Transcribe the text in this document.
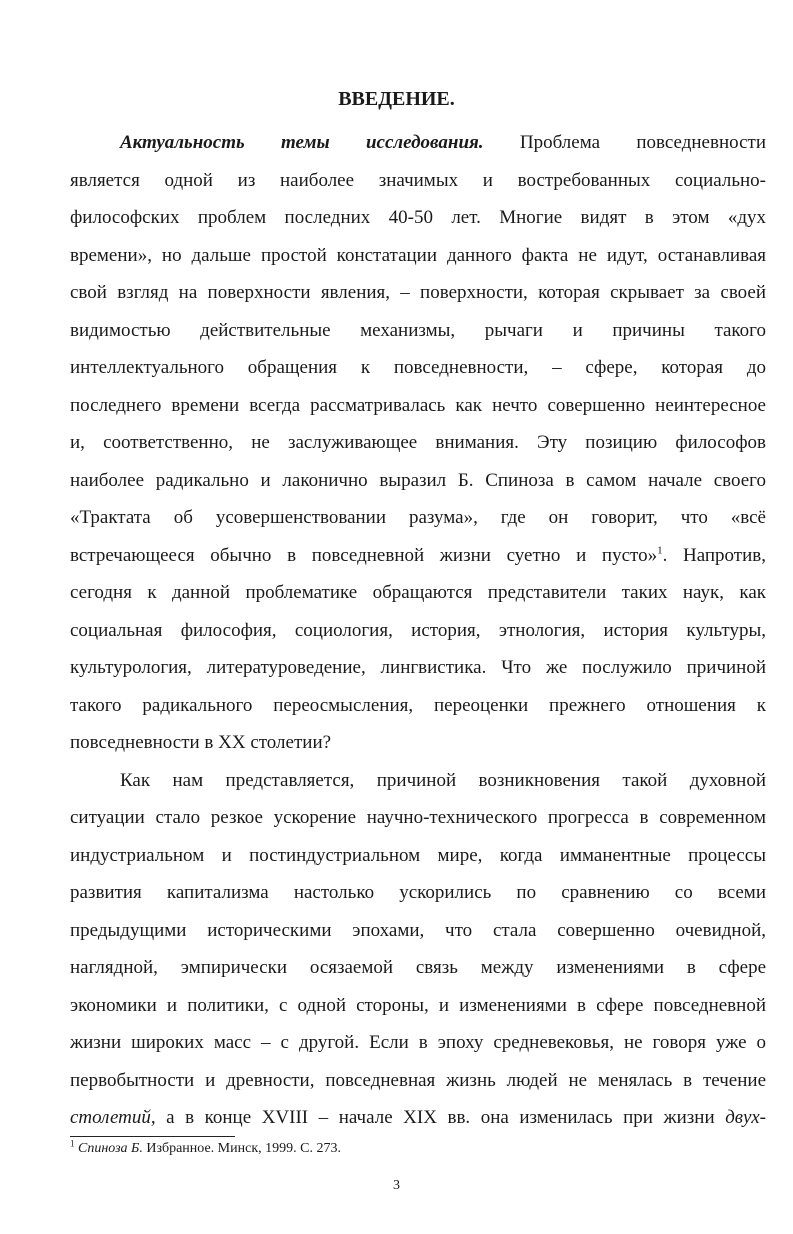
ВВЕДЕНИЕ.
Актуальность темы исследования. Проблема повседневности
является одной из наиболее значимых и востребованных социально-
философских проблем последних 40-50 лет. Многие видят в этом «дух
времени», но дальше простой констатации данного факта не идут, останавливая
свой взгляд на поверхности явления, – поверхности, которая скрывает за своей
видимостью действительные механизмы, рычаги и причины такого
интеллектуального обращения к повседневности, – сфере, которая до
последнего времени всегда рассматривалась как нечто совершенно неинтересное
и, соответственно, не заслуживающее внимания. Эту позицию философов
наиболее радикально и лаконично выразил Б. Спиноза в самом начале своего
«Трактата об усовершенствовании разума», где он говорит, что «всё
встречающееся обычно в повседневной жизни суетно и пусто»$^1$. Напротив,
сегодня к данной проблематике обращаются представители таких наук, как
социальная философия, социология, история, этнология, история культуры,
культурология, литературоведение, лингвистика. Что же послужило причиной
такого радикального переосмысления, переоценки прежнего отношения к
повседневности в XX столетии?
Как нам представляется, причиной возникновения такой духовной
ситуации стало резкое ускорение научно-технического прогресса в современном
индустриальном и постиндустриальном мире, когда имманентные процессы
развития капитализма настолько ускорились по сравнению со всеми
предыдущими историческими эпохами, что стала совершенно очевидной,
наглядной, эмпирически осязаемой связь между изменениями в сфере
экономики и политики, с одной стороны, и изменениями в сфере повседневной
жизни широких масс – с другой. Если в эпоху средневековья, не говоря уже о
первобытности и древности, повседневная жизнь людей не менялась в течение
столетий, а в конце XVIII – начале XIX вв. она изменилась при жизни двух-
$^1$ Спиноза Б. Избранное. Минск, 1999. С. 273.
3
